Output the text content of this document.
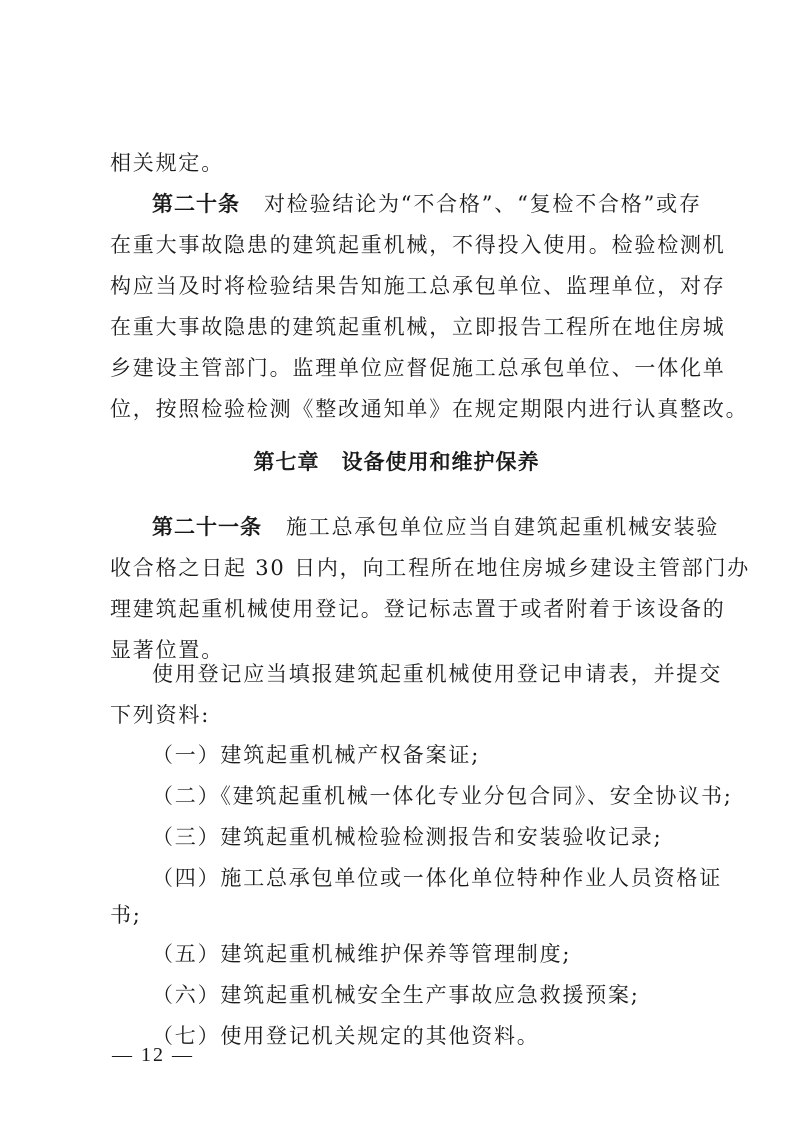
相关规定。
第二十条 对检验结论为“不合格”、“复检不合格”或存
在重大事故隐患的建筑起重机械，不得投入使用。检验检测机
构应当及时将检验结果告知施工总承包单位、监理单位，对存
在重大事故隐患的建筑起重机械，立即报告工程所在地住房城
乡建设主管部门。监理单位应督促施工总承包单位、一体化单
位，按照检验检测《整改通知单》在规定期限内进行认真整改。
第七章　设备使用和维护保养
第二十一条 施工总承包单位应当自建筑起重机械安装验
收合格之日起 30 日内，向工程所在地住房城乡建设主管部门办
理建筑起重机械使用登记。登记标志置于或者附着于该设备的
显著位置。
使用登记应当填报建筑起重机械使用登记申请表，并提交
下列资料:
（一）建筑起重机械产权备案证;
（二）《建筑起重机械一体化专业分包合同》、安全协议书;
（三）建筑起重机械检验检测报告和安装验收记录;
（四）施工总承包单位或一体化单位特种作业人员资格证
书;
（五）建筑起重机械维护保养等管理制度;
（六）建筑起重机械安全生产事故应急救援预案;
（七）使用登记机关规定的其他资料。
— 12 —
